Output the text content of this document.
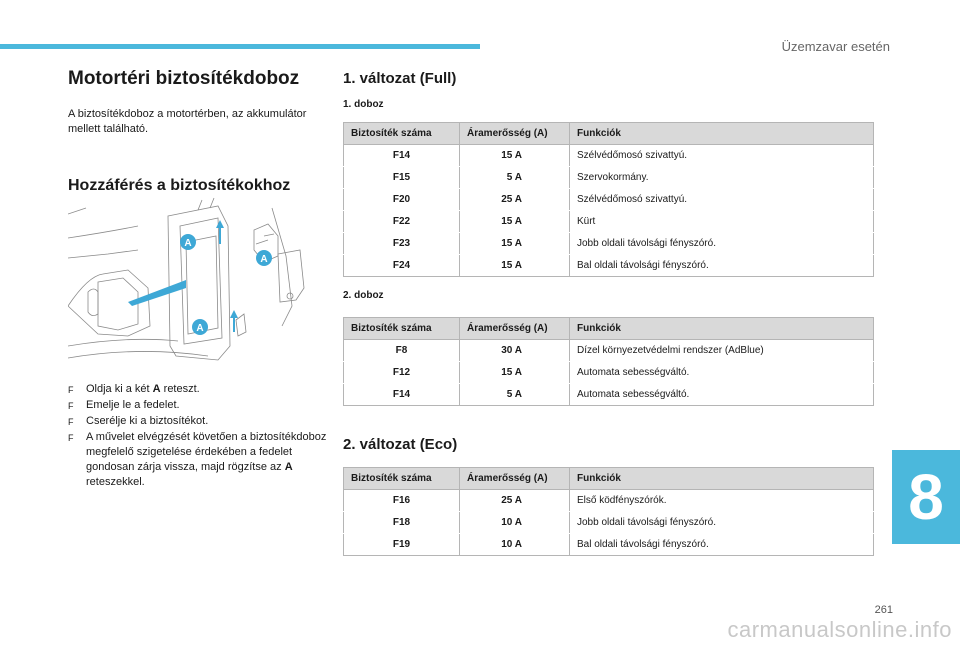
Üzemzavar esetén
Motortéri biztosítékdoboz
A biztosítékdoboz a motortérben, az akkumulátor mellett található.
Hozzáférés a biztosítékokhoz
A
A
A
F	Oldja ki a két A reteszt.
F	Emelje le a fedelet.
F	Cserélje ki a biztosítékot.
F	A művelet elvégzését követően a biztosítékdoboz megfelelő szigetelése érdekében a fedelet gondosan zárja vissza, majd rögzítse az A reteszekkel.
1. változat (Full)
1. doboz
Biztosíték száma	Áramerősség (A)	Funkciók
F14	15 A	Szélvédőmosó szivattyú.
F15	5 A	Szervokormány.
F20	25 A	Szélvédőmosó szivattyú.
F22	15 A	Kürt
F23	15 A	Jobb oldali távolsági fényszóró.
F24	15 A	Bal oldali távolsági fényszóró.
2. doboz
Biztosíték száma	Áramerősség (A)	Funkciók
F8	30 A	Dízel környezetvédelmi rendszer (AdBlue)
F12	15 A	Automata sebességváltó.
F14	5 A	Automata sebességváltó.
2. változat (Eco)
Biztosíték száma	Áramerősség (A)	Funkciók
F16	25 A	Első ködfényszórók.
F18	10 A	Jobb oldali távolsági fényszóró.
F19	10 A	Bal oldali távolsági fényszóró.
8
261
carmanualsonline.info
